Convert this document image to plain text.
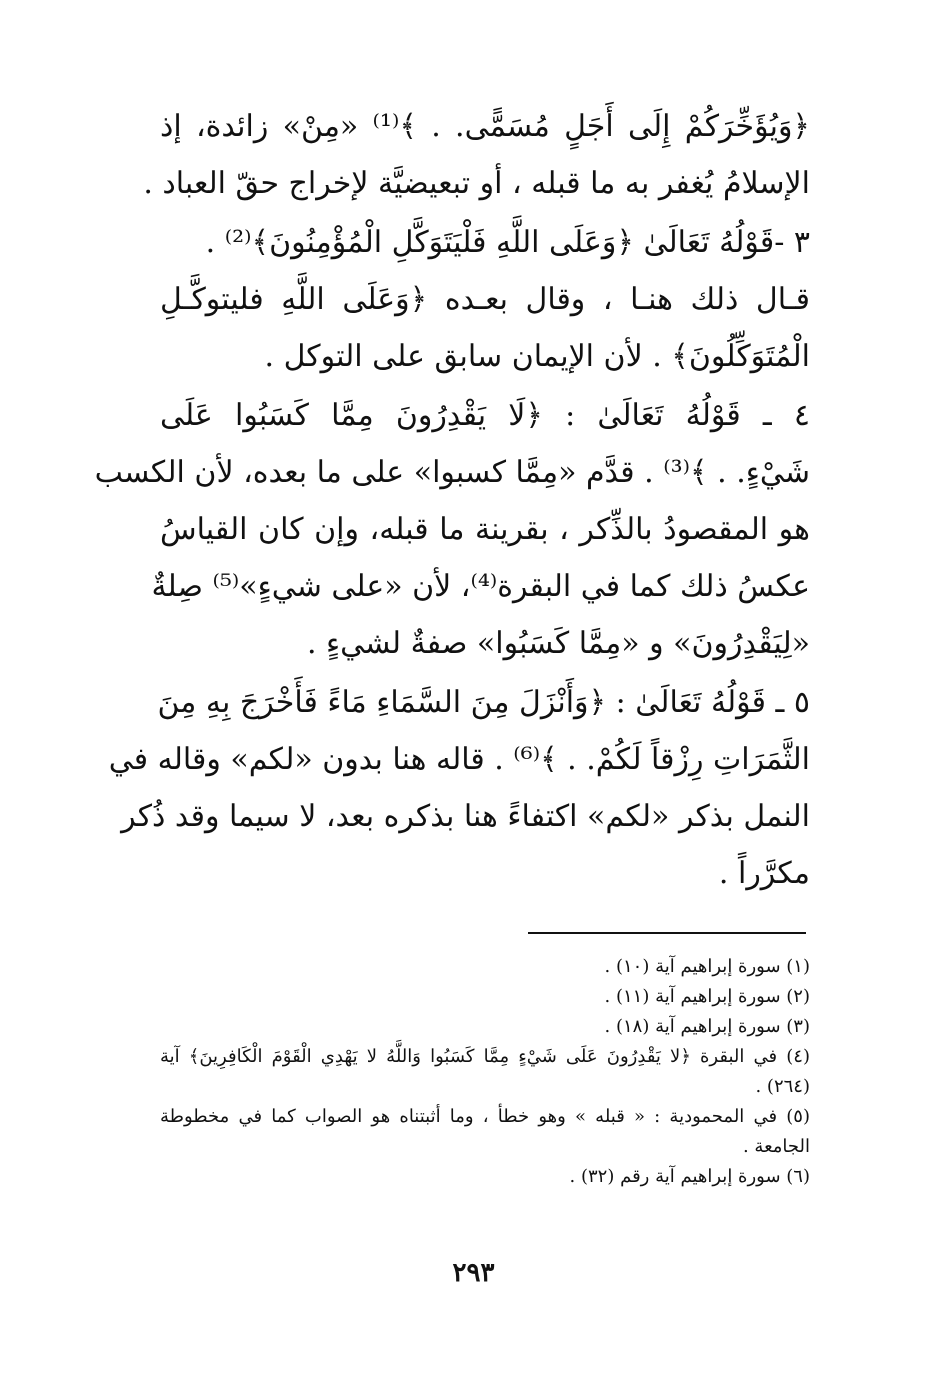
﴿وَيُؤَخِّرَكُمْ إِلَى أَجَلٍ مُسَمًّى. . ﴾⁽¹⁾ «مِنْ» زائدة، إذ
الإسلامُ يُغفر به ما قبله ، أو تبعيضيَّة لإخراج حقّ العباد .
٣ -قَوْلُهُ تَعَالَىٰ ﴿وَعَلَى اللَّهِ فَلْيَتَوَكَّلِ الْمُؤْمِنُونَ﴾⁽²⁾ .
قـال ذلك هنـا ، وقال بعـده ﴿وَعَلَى اللَّهِ فليتوكَّـلِ
الْمُتَوَكِّلُونَ﴾ . لأن الإيمان سابق على التوكل .
٤ ـ قَوْلُهُ تَعَالَىٰ : ﴿لَا يَقْدِرُونَ مِمَّا كَسَبُوا عَلَى
شَيْءٍ. . ﴾⁽³⁾ . قدَّم «مِمَّا كسبوا» على ما بعده، لأن الكسب
هو المقصودُ بالذِّكر ، بقرينة ما قبله، وإن كان القياسُ
عكسُ ذلك كما في البقرة⁽⁴⁾، لأن «على شيءٍ»⁽⁵⁾ صِلةٌ
«لِيَقْدِرُونَ» و «مِمَّا كَسَبُوا» صفةٌ لشيءٍ .
٥ ـ قَوْلُهُ تَعَالَىٰ : ﴿وَأَنْزَلَ مِنَ السَّمَاءِ مَاءً فَأَخْرَجَ بِهِ مِنَ
الثَّمَرَاتِ رِزْقاً لَكُمْ. . ﴾⁽⁶⁾ . قاله هنا بدون «لكم» وقاله في
النمل بذكر «لكم» اكتفاءً هنا بذكره بعد، لا سيما وقد ذُكر
مكرَّراً .
(١) سورة إبراهيم آية (١٠) .
(٢) سورة إبراهيم آية (١١) .
(٣) سورة إبراهيم آية (١٨) .
(٤) في البقرة ﴿لا يَقْدِرُونَ عَلَى شَيْءٍ مِمَّا كَسَبُوا وَاللَّهُ لا يَهْدِي الْقَوْمَ الْكَافِرِينَ﴾ آية (٢٦٤) .
(٥) في المحمودية : « قبله » وهو خطأ ، وما أثبتناه هو الصواب كما في مخطوطة الجامعة .
(٦) سورة إبراهيم آية رقم (٣٢) .
٢٩٣
